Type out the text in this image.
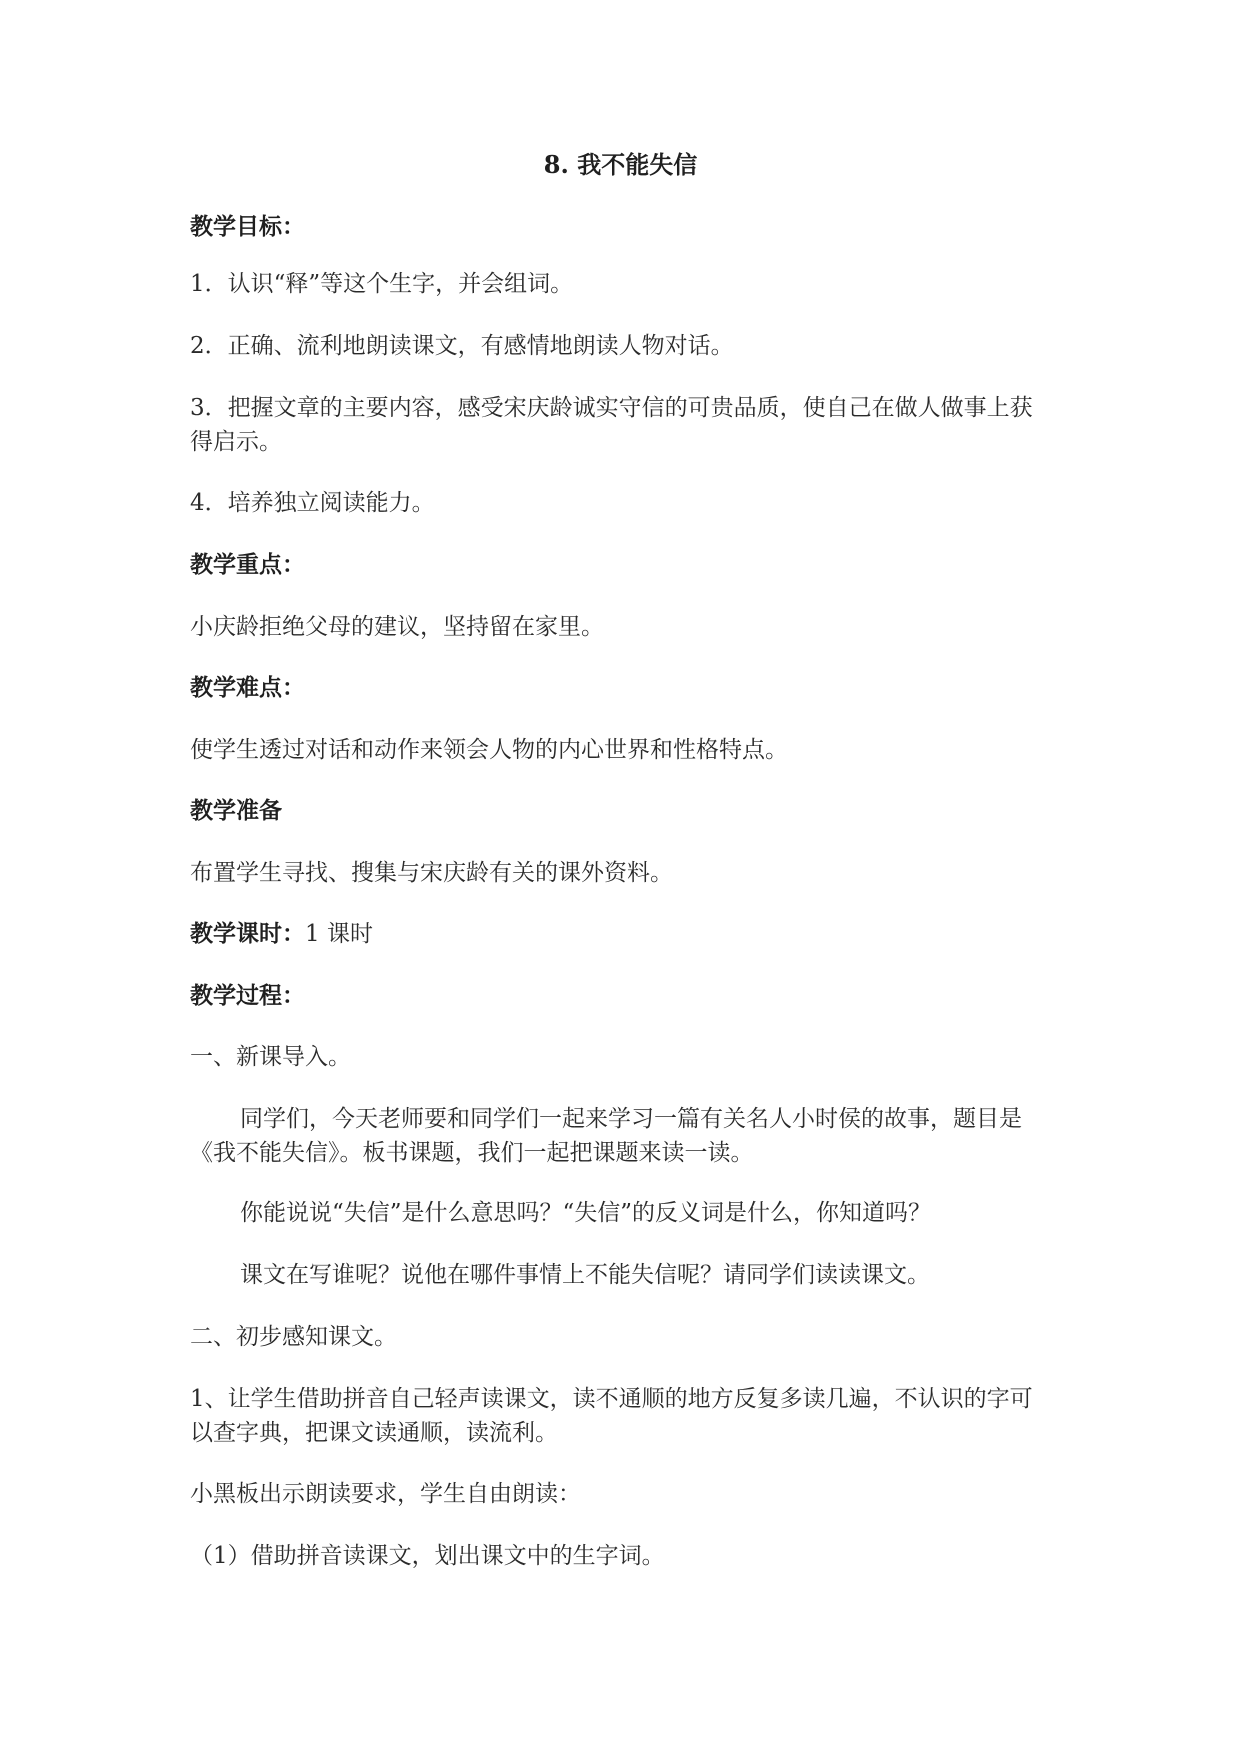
8. 我不能失信
教学目标：
1．认识“释”等这个生字，并会组词。
2．正确、流利地朗读课文，有感情地朗读人物对话。
3．把握文章的主要内容，感受宋庆龄诚实守信的可贵品质，使自己在做人做事上获得启示。
4．培养独立阅读能力。
教学重点：
小庆龄拒绝父母的建议，坚持留在家里。
教学难点：
使学生透过对话和动作来领会人物的内心世界和性格特点。
教学准备
布置学生寻找、搜集与宋庆龄有关的课外资料。
教学课时：1 课时
教学过程：
一、新课导入。
同学们，今天老师要和同学们一起来学习一篇有关名人小时侯的故事，题目是《我不能失信》。板书课题，我们一起把课题来读一读。
你能说说“失信”是什么意思吗？“失信”的反义词是什么，你知道吗？
课文在写谁呢？说他在哪件事情上不能失信呢？请同学们读读课文。
二、初步感知课文。
1、让学生借助拼音自己轻声读课文，读不通顺的地方反复多读几遍，不认识的字可以查字典，把课文读通顺，读流利。
小黑板出示朗读要求，学生自由朗读：
（1）借助拼音读课文，划出课文中的生字词。
